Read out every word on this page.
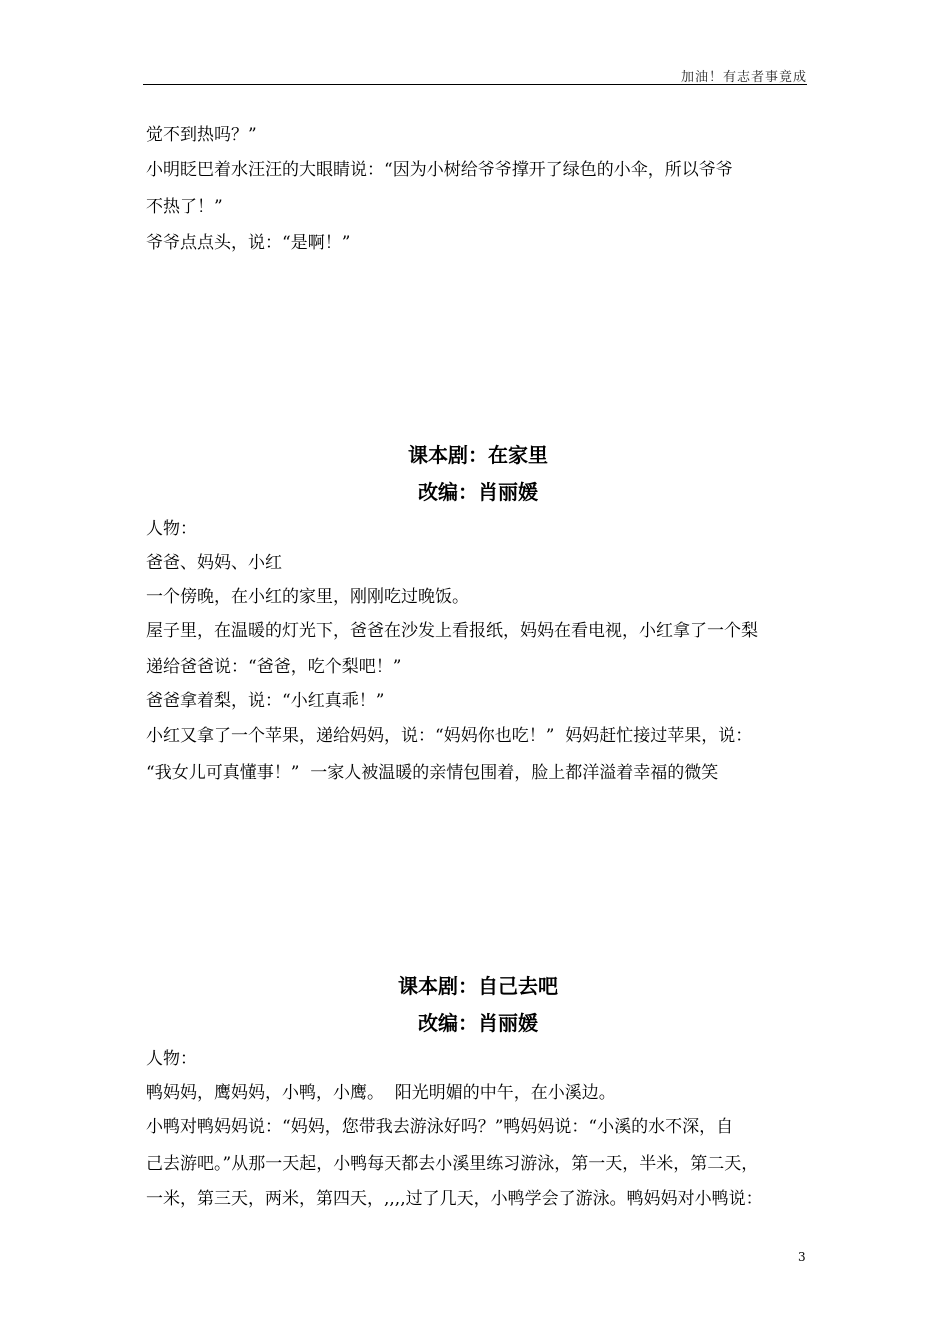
加油！有志者事竟成

觉不到热吗？”

小明眨巴着水汪汪的大眼睛说：“因为小树给爷爷撑开了绿色的小伞，所以爷爷

不热了！”

爷爷点点头，说：“是啊！”

课本剧：在家里
改编：肖丽媛

人物：

爸爸、妈妈、小红

一个傍晚，在小红的家里，刚刚吃过晚饭。

屋子里，在温暖的灯光下，爸爸在沙发上看报纸，妈妈在看电视，小红拿了一个梨

递给爸爸说：“爸爸，吃个梨吧！”

爸爸拿着梨，说：“小红真乖！”

小红又拿了一个苹果，递给妈妈，说：“妈妈你也吃！”  妈妈赶忙接过苹果，说：

“我女儿可真懂事！”  一家人被温暖的亲情包围着，脸上都洋溢着幸福的微笑

课本剧：自己去吧
改编：肖丽媛

人物：

鸭妈妈，鹰妈妈，小鸭，小鹰。  阳光明媚的中午，在小溪边。

小鸭对鸭妈妈说：“妈妈，您带我去游泳好吗？”鸭妈妈说：“小溪的水不深，自

己去游吧。”从那一天起，小鸭每天都去小溪里练习游泳，第一天，半米，第二天，

一米，第三天，两米，第四天，,,,,过了几天，小鸭学会了游泳。鸭妈妈对小鸭说：

3
